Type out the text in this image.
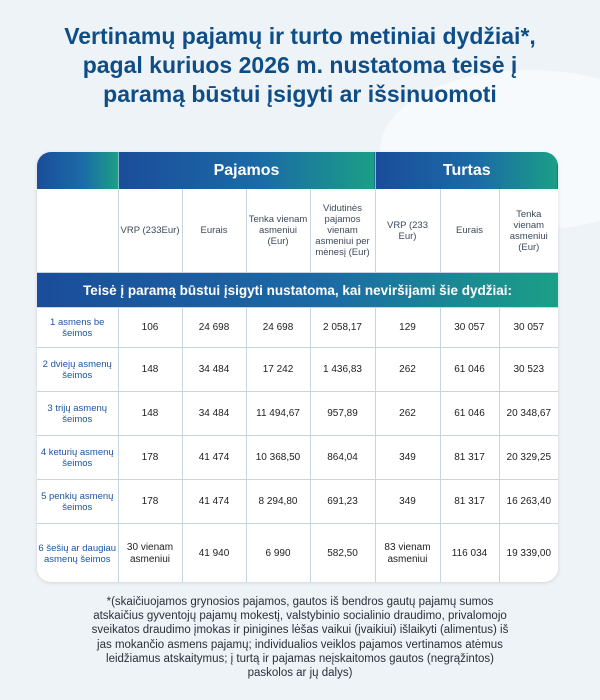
Vertinamų pajamų ir turto metiniai dydžiai*,
pagal kuriuos 2026 m. nustatoma teisė į
paramą būstui įsigyti ar išsinuomoti
	Pajamos				Turtas		
	VRP (233Eur)	Eurais	Tenka vienam asmeniui (Eur)	Vidutinės pajamos vienam asmeniui per mėnesį (Eur)	VRP (233 Eur)	Eurais	Tenka vienam asmeniui (Eur)
Teisė į paramą būstui įsigyti nustatoma, kai neviršijami šie dydžiai:							
1 asmens be šeimos	106	24 698	24 698	2 058,17	129	30 057	30 057
2 dviejų asmenų šeimos	148	34 484	17 242	1 436,83	262	61 046	30 523
3 trijų asmenų šeimos	148	34 484	11 494,67	957,89	262	61 046	20 348,67
4 keturių asmenų šeimos	178	41 474	10 368,50	864,04	349	81 317	20 329,25
5 penkių asmenų šeimos	178	41 474	8 294,80	691,23	349	81 317	16 263,40
6 šešių ar daugiau asmenų šeimos	30 vienam asmeniui	41 940	6 990	582,50	83 vienam asmeniui	116 034	19 339,00
*(skaičiuojamos grynosios pajamos, gautos iš bendros gautų pajamų sumos
atskaičius gyventojų pajamų mokestį, valstybinio socialinio draudimo, privalomojo
sveikatos draudimo įmokas ir pinigines lėšas vaikui (įvaikiui) išlaikyti (alimentus) iš
jas mokančio asmens pajamų; individualios veiklos pajamos vertinamos atėmus
leidžiamus atskaitymus; į turtą ir pajamas neįskaitomos gautos (negrąžintos)
paskolos ar jų dalys)
